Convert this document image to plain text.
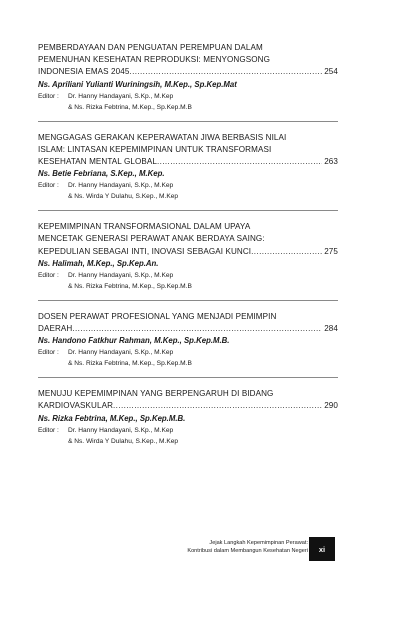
PEMBERDAYAAN DAN PENGUATAN PEREMPUAN DALAM
PEMENUHAN KESEHATAN REPRODUKSI: MENYONGSONG
INDONESIA EMAS 2045 .....	254
Ns. Apriliani Yulianti Wuriningsih, M.Kep., Sp.Kep.Mat
Editor : Dr. Hanny Handayani, S.Kp., M.Kep
& Ns. Rizka Febtrina, M.Kep., Sp.Kep.M.B
MENGGAGAS GERAKAN KEPERAWATAN JIWA BERBASIS NILAI
ISLAM: LINTASAN KEPEMIMPINAN UNTUK TRANSFORMASI
KESEHATAN MENTAL GLOBAL .....	263
Ns. Betie Febriana, S.Kep., M.Kep.
Editor : Dr. Hanny Handayani, S.Kp., M.Kep
& Ns. Wirda Y Dulahu, S.Kep., M.Kep
KEPEMIMPINAN TRANSFORMASIONAL DALAM UPAYA
MENCETAK GENERASI PERAWAT ANAK BERDAYA SAING:
KEPEDULIAN SEBAGAI INTI, INOVASI SEBAGAI KUNCI .....	275
Ns. Halimah, M.Kep., Sp.Kep.An.
Editor : Dr. Hanny Handayani, S.Kp., M.Kep
& Ns. Rizka Febtrina, M.Kep., Sp.Kep.M.B
DOSEN PERAWAT PROFESIONAL YANG MENJADI PEMIMPIN
DAERAH .....	284
Ns. Handono Fatkhur Rahman, M.Kep., Sp.Kep.M.B.
Editor : Dr. Hanny Handayani, S.Kp., M.Kep
& Ns. Rizka Febtrina, M.Kep., Sp.Kep.M.B
MENUJU KEPEMIMPINAN YANG BERPENGARUH DI BIDANG
KARDIOVASKULAR .....	290
Ns. Rizka Febtrina, M.Kep., Sp.Kep.M.B.
Editor : Dr. Hanny Handayani, S.Kp., M.Kep
& Ns. Wirda Y Dulahu, S.Kep., M.Kep
Jejak Langkah Kepemimpinan Perawat:
Kontribusi dalam Membangun Kesehatan Negeri	xi
